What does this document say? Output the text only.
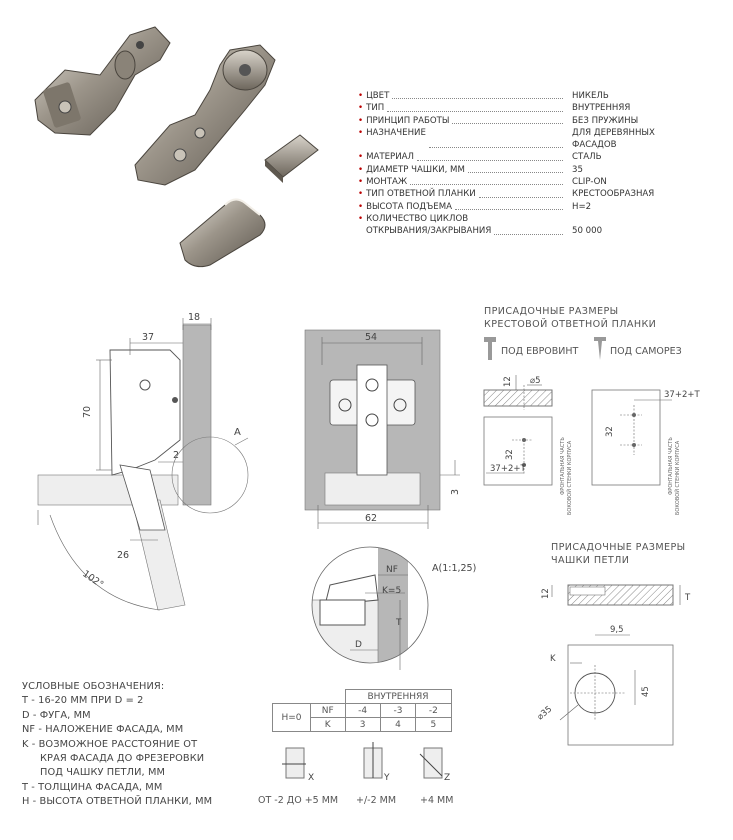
• ЦВЕТ	НИКЕЛЬ
• ТИП	ВНУТРЕННЯЯ
• ПРИНЦИП РАБОТЫ	БЕЗ ПРУЖИНЫ
• НАЗНАЧЕНИЕ	ДЛЯ ДЕРЕВЯННЫХ
ФАСАДОВ
• МАТЕРИАЛ	СТАЛЬ
• ДИАМЕТР ЧАШКИ, ММ	35
• МОНТАЖ	CLIP-ON
• ТИП ОТВЕТНОЙ ПЛАНКИ	КРЕСТООБРАЗНАЯ
• ВЫСОТА ПОДЪЕМА	H=2
• КОЛИЧЕСТВО ЦИКЛОВ
ОТКРЫВАНИЯ/ЗАКРЫВАНИЯ	50 000
18
37
70
2
26
102°
A
54
62
3
A(1:1,25)
NF
K=5
T
D
ПРИСАДОЧНЫЕ РАЗМЕРЫ
КРЕСТОВОЙ ОТВЕТНОЙ ПЛАНКИ
ПОД ЕВРОВИНТ	ПОД САМОРЕЗ
12 ⌀5
32
37+2+T
32
37+2+T
ФРОНТАЛЬНАЯ ЧАСТЬ БОКОВОЙ СТЕНКИ КОРПУСА	ФРОНТАЛЬНАЯ ЧАСТЬ БОКОВОЙ СТЕНКИ КОРПУСА
ПРИСАДОЧНЫЕ РАЗМЕРЫ
ЧАШКИ ПЕТЛИ
12	T
9,5
K
45
⌀35
УСЛОВНЫЕ ОБОЗНАЧЕНИЯ:
T - 16-20 ММ ПРИ D = 2
D - ФУГА, ММ
NF - НАЛОЖЕНИЕ ФАСАДА, ММ
K - ВОЗМОЖНОЕ РАССТОЯНИЕ ОТ
КРАЯ ФАСАДА ДО ФРЕЗЕРОВКИ
ПОД ЧАШКУ ПЕТЛИ, ММ
T - ТОЛЩИНА ФАСАДА, ММ
H - ВЫСОТА ОТВЕТНОЙ ПЛАНКИ, ММ
		ВНУТРЕННЯЯ		
H=0	NF	-4	-3	-2
	K	3	4	5
X	Y	Z
ОТ -2 ДО +5 ММ +/-2 ММ	+4 ММ
